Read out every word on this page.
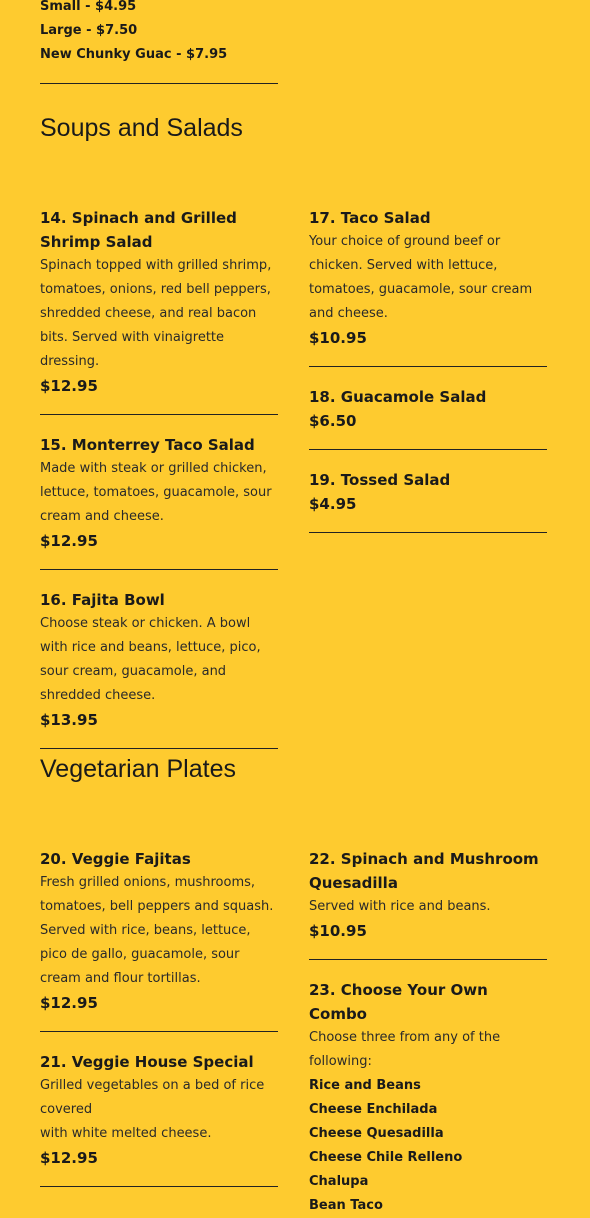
Small - $4.95
Large - $7.50
New Chunky Guac - $7.95
Soups and Salads

14. Spinach and Grilled Shrimp Salad

Spinach topped with grilled shrimp, tomatoes, onions, red bell peppers, shredded cheese, and real bacon bits. Served with vinaigrette dressing.

$12.95

15. Monterrey Taco Salad

Made with steak or grilled chicken, lettuce, tomatoes, guacamole, sour cream and cheese.

$12.95

16. Fajita Bowl

Choose steak or chicken. A bowl with rice and beans, lettuce, pico, sour cream, guacamole, and shredded cheese.

$13.95

17. Taco Salad

Your choice of ground beef or chicken. Served with lettuce, tomatoes, guacamole, sour cream and cheese.

$10.95

18. Guacamole Salad

$6.50

19. Tossed Salad

$4.95

Vegetarian Plates

20. Veggie Fajitas

Fresh grilled onions, mushrooms, tomatoes, bell peppers and squash. Served with rice, beans, lettuce, pico de gallo, guacamole, sour cream and flour tortillas.

$12.95

21. Veggie House Special

Grilled vegetables on a bed of rice covered

with white melted cheese.

$12.95

22. Spinach and Mushroom Quesadilla

Served with rice and beans.

$10.95

23. Choose Your Own Combo

Choose three from any of the following:

Rice and Beans
Cheese Enchilada
Cheese Quesadilla
Cheese Chile Relleno
Chalupa
Bean Taco
